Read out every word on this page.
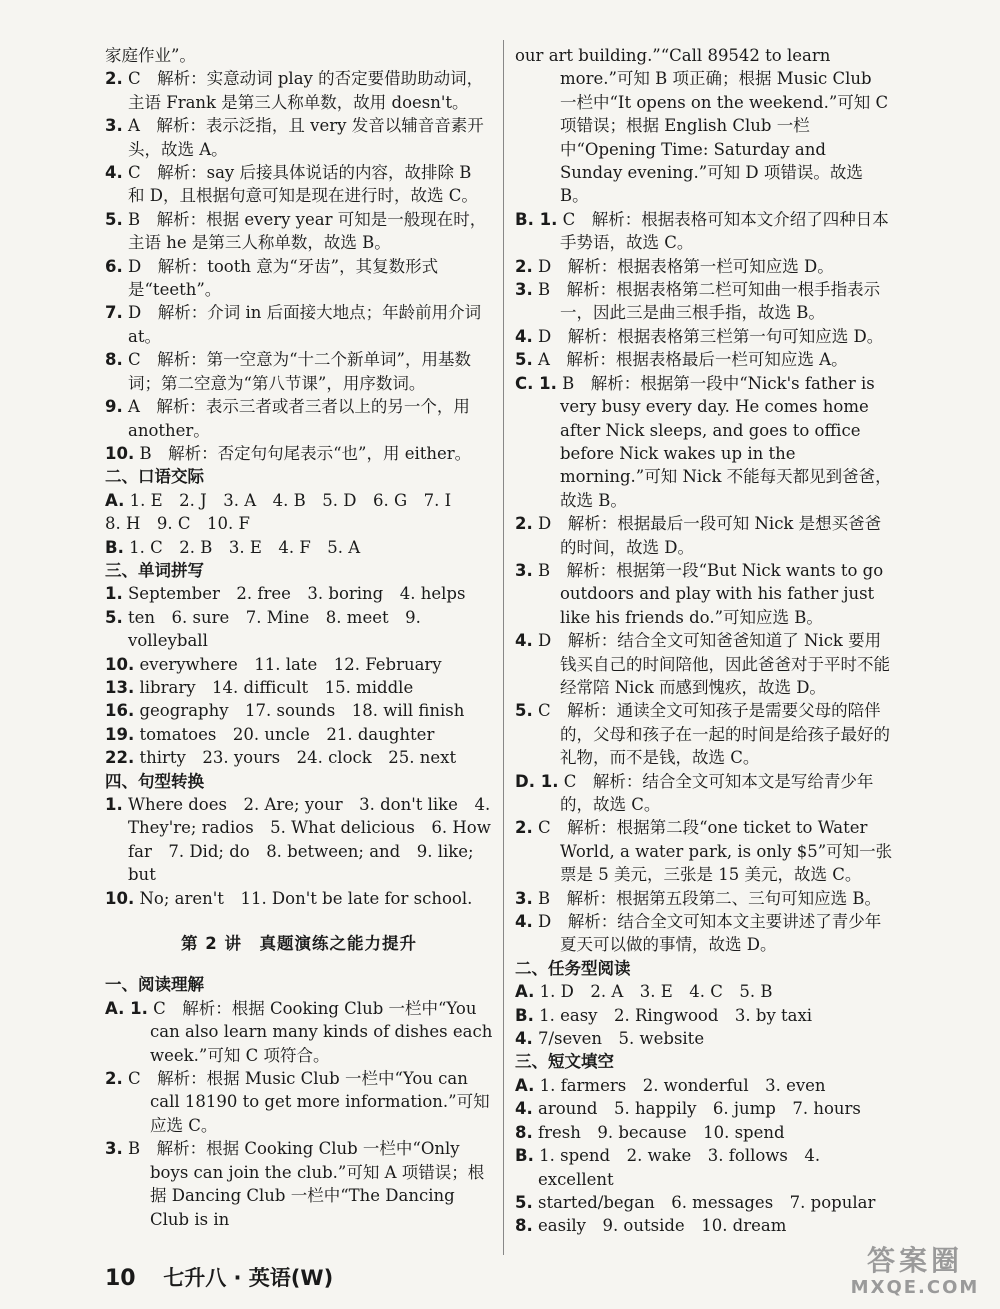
家庭作业”。

2. C　解析：实意动词 play 的否定要借助助动词，主语 Frank 是第三人称单数，故用 doesn't。

3. A　解析：表示泛指，且 very 发音以辅音音素开头，故选 A。

4. C　解析：say 后接具体说话的内容，故排除 B 和 D，且根据句意可知是现在进行时，故选 C。

5. B　解析：根据 every year 可知是一般现在时，主语 he 是第三人称单数，故选 B。

6. D　解析：tooth 意为“牙齿”，其复数形式是“teeth”。

7. D　解析：介词 in 后面接大地点；年龄前用介词 at。

8. C　解析：第一空意为“十二个新单词”，用基数词；第二空意为“第八节课”，用序数词。

9. A　解析：表示三者或者三者以上的另一个，用 another。

10. B　解析：否定句句尾表示“也”，用 either。

二、口语交际

A. 1. E　2. J　3. A　4. B　5. D　6. G　7. I

8. H　9. C　10. F

B. 1. C　2. B　3. E　4. F　5. A

三、单词拼写

1. September　2. free　3. boring　4. helps

5. ten　6. sure　7. Mine　8. meet　9. volleyball

10. everywhere　11. late　12. February

13. library　14. difficult　15. middle

16. geography　17. sounds　18. will finish

19. tomatoes　20. uncle　21. daughter

22. thirty　23. yours　24. clock　25. next

四、句型转换

1. Where does　2. Are; your　3. don't like　4. They're; radios　5. What delicious　6. How far　7. Did; do　8. between; and　9. like; but

10. No; aren't　11. Don't be late for school.

第 2 讲　真题演练之能力提升

一、阅读理解

A. 1. C　解析：根据 Cooking Club 一栏中“You can also learn many kinds of dishes each week.”可知 C 项符合。

2. C　解析：根据 Music Club 一栏中“You can call 18190 to get more information.”可知应选 C。

3. B　解析：根据 Cooking Club 一栏中“Only boys can join the club.”可知 A 项错误；根据 Dancing Club 一栏中“The Dancing Club is in

our art building.”“Call 89542 to learn more.”可知 B 项正确；根据 Music Club 一栏中“It opens on the weekend.”可知 C 项错误；根据 English Club 一栏中“Opening Time: Saturday and Sunday evening.”可知 D 项错误。故选 B。

B. 1. C　解析：根据表格可知本文介绍了四种日本手势语，故选 C。

2. D　解析：根据表格第一栏可知应选 D。

3. B　解析：根据表格第二栏可知曲一根手指表示一，因此三是曲三根手指，故选 B。

4. D　解析：根据表格第三栏第一句可知应选 D。

5. A　解析：根据表格最后一栏可知应选 A。

C. 1. B　解析：根据第一段中“Nick's father is very busy every day. He comes home after Nick sleeps, and goes to office before Nick wakes up in the morning.”可知 Nick 不能每天都见到爸爸，故选 B。

2. D　解析：根据最后一段可知 Nick 是想买爸爸的时间，故选 D。

3. B　解析：根据第一段“But Nick wants to go outdoors and play with his father just like his friends do.”可知应选 B。

4. D　解析：结合全文可知爸爸知道了 Nick 要用钱买自己的时间陪他，因此爸爸对于平时不能经常陪 Nick 而感到愧疚，故选 D。

5. C　解析：通读全文可知孩子是需要父母的陪伴的，父母和孩子在一起的时间是给孩子最好的礼物，而不是钱，故选 C。

D. 1. C　解析：结合全文可知本文是写给青少年的，故选 C。

2. C　解析：根据第二段“one ticket to Water World, a water park, is only $5”可知一张票是 5 美元，三张是 15 美元，故选 C。

3. B　解析：根据第五段第二、三句可知应选 B。

4. D　解析：结合全文可知本文主要讲述了青少年夏天可以做的事情，故选 D。

二、任务型阅读

A. 1. D　2. A　3. E　4. C　5. B

B. 1. easy　2. Ringwood　3. by taxi

4. 7/seven　5. website

三、短文填空

A. 1. farmers　2. wonderful　3. even

4. around　5. happily　6. jump　7. hours

8. fresh　9. because　10. spend

B. 1. spend　2. wake　3. follows　4. excellent

5. started/began　6. messages　7. popular

8. easily　9. outside　10. dream

10 七升八 · 英语(W)
答案圈
MXQE.COM
